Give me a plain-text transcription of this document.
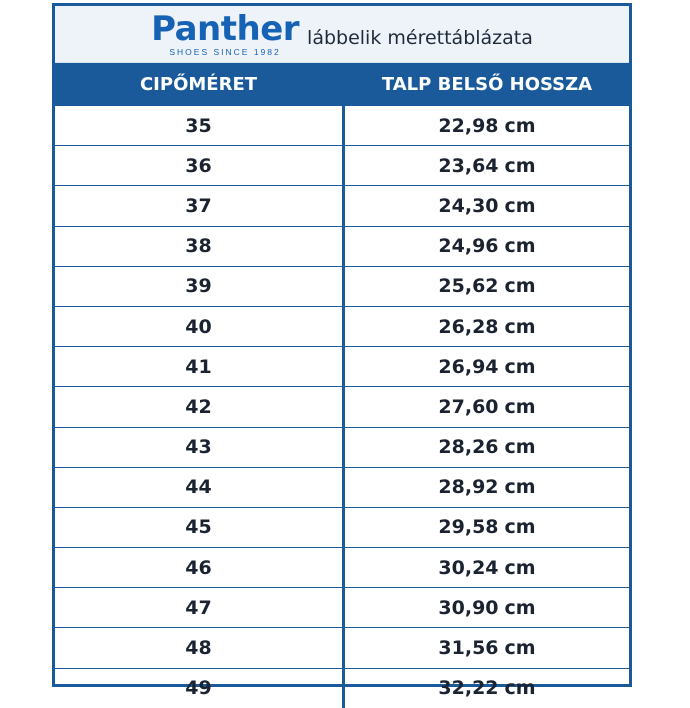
Panther
SHOES SINCE 1982
lábbelik mérettáblázata
CIPŐMÉRET	TALP BELSŐ HOSSZA
35	22,98 cm
36	23,64 cm
37	24,30 cm
38	24,96 cm
39	25,62 cm
40	26,28 cm
41	26,94 cm
42	27,60 cm
43	28,26 cm
44	28,92 cm
45	29,58 cm
46	30,24 cm
47	30,90 cm
48	31,56 cm
49	32,22 cm
